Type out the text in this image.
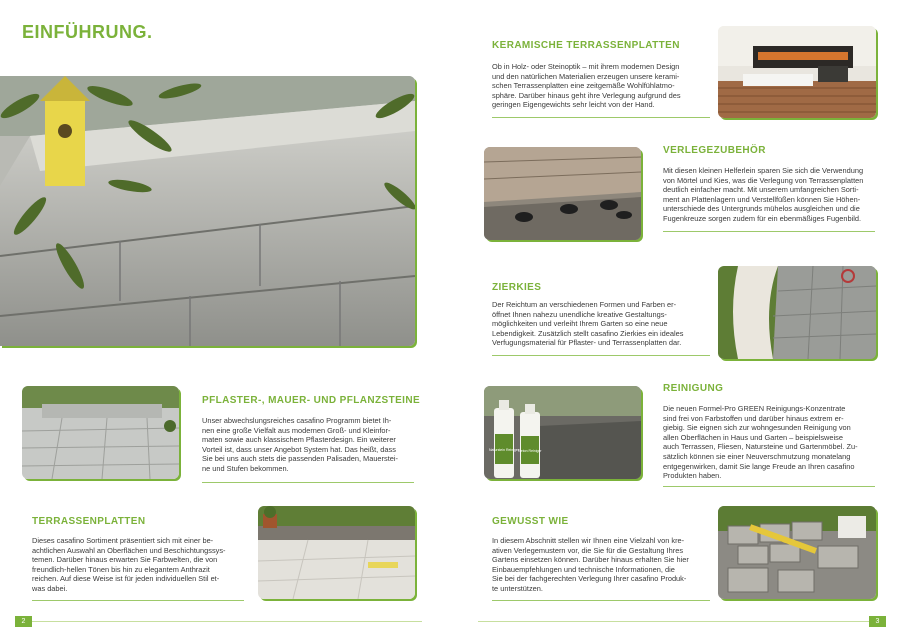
EINFÜHRUNG.
KERAMISCHE TERRASSENPLATTEN
Ob in Holz- oder Steinoptik – mit ihrem modernen Design
und den natürlichen Materialien erzeugen unsere kerami-
schen Terrassenplatten eine zeitgemäße Wohlfühlatmo-
sphäre. Darüber hinaus geht ihre Verlegung aufgrund des
geringen Eigengewichts sehr leicht von der Hand.
VERLEGEZUBEHÖR
Mit diesen kleinen Helferlein sparen Sie sich die Verwendung
von Mörtel und Kies, was die Verlegung von Terrassenplatten
deutlich einfacher macht. Mit unserem umfangreichen Sorti-
ment an Plattenlagern und Verstellfüßen können Sie Höhen-
unterschiede des Untergrunds mühelos ausgleichen und die
Fugenkreuze sorgen zudem für ein ebenmäßiges Fugenbild.
ZIERKIES
Der Reichtum an verschiedenen Formen und Farben er-
öffnet Ihnen nahezu unendliche kreative Gestaltungs-
möglichkeiten und verleiht Ihrem Garten so eine neue
Lebendigkeit. Zusätzlich stellt casafino Zierkies ein ideales
Verfugungsmaterial für Pflaster- und Terrassenplatten dar.
PFLASTER-, MAUER- UND PFLANZSTEINE
Unser abwechslungsreiches casafino Programm bietet Ih-
nen eine große Vielfalt aus modernen Groß- und Kleinfor-
maten sowie auch klassischem Pflasterdesign. Ein weiterer
Vorteil ist, dass unser Angebot System hat. Das heißt, dass
Sie bei uns auch stets die passenden Palisaden, Mauerstei-
ne und Stufen bekommen.
Naturstein Reiniger Beton Reiniger
REINIGUNG
Die neuen Formel-Pro GREEN Reinigungs-Konzentrate
sind frei von Farbstoffen und darüber hinaus extrem er-
giebig. Sie eignen sich zur wohngesunden Reinigung von
allen Oberflächen in Haus und Garten – beispielsweise
auch Terrassen, Fliesen, Natursteine und Gartenmöbel. Zu-
sätzlich können sie einer Neuverschmutzung monatelang
entgegenwirken, damit Sie lange Freude an Ihren casafino
Produkten haben.
TERRASSENPLATTEN
Dieses casafino Sortiment präsentiert sich mit einer be-
achtlichen Auswahl an Oberflächen und Beschichtungssys-
temen. Darüber hinaus erwarten Sie Farbwelten, die von
freundlich-hellen Tönen bis hin zu elegantem Anthrazit
reichen. Auf diese Weise ist für jeden individuellen Stil et-
was dabei.
GEWUSST WIE
In diesem Abschnitt stellen wir Ihnen eine Vielzahl von kre-
ativen Verlegemustern vor, die Sie für die Gestaltung Ihres
Gartens einsetzen können. Darüber hinaus erhalten Sie hier
Einbauempfehlungen und technische Informationen, die
Sie bei der fachgerechten Verlegung Ihrer casafino Produk-
te unterstützen.
2	3
